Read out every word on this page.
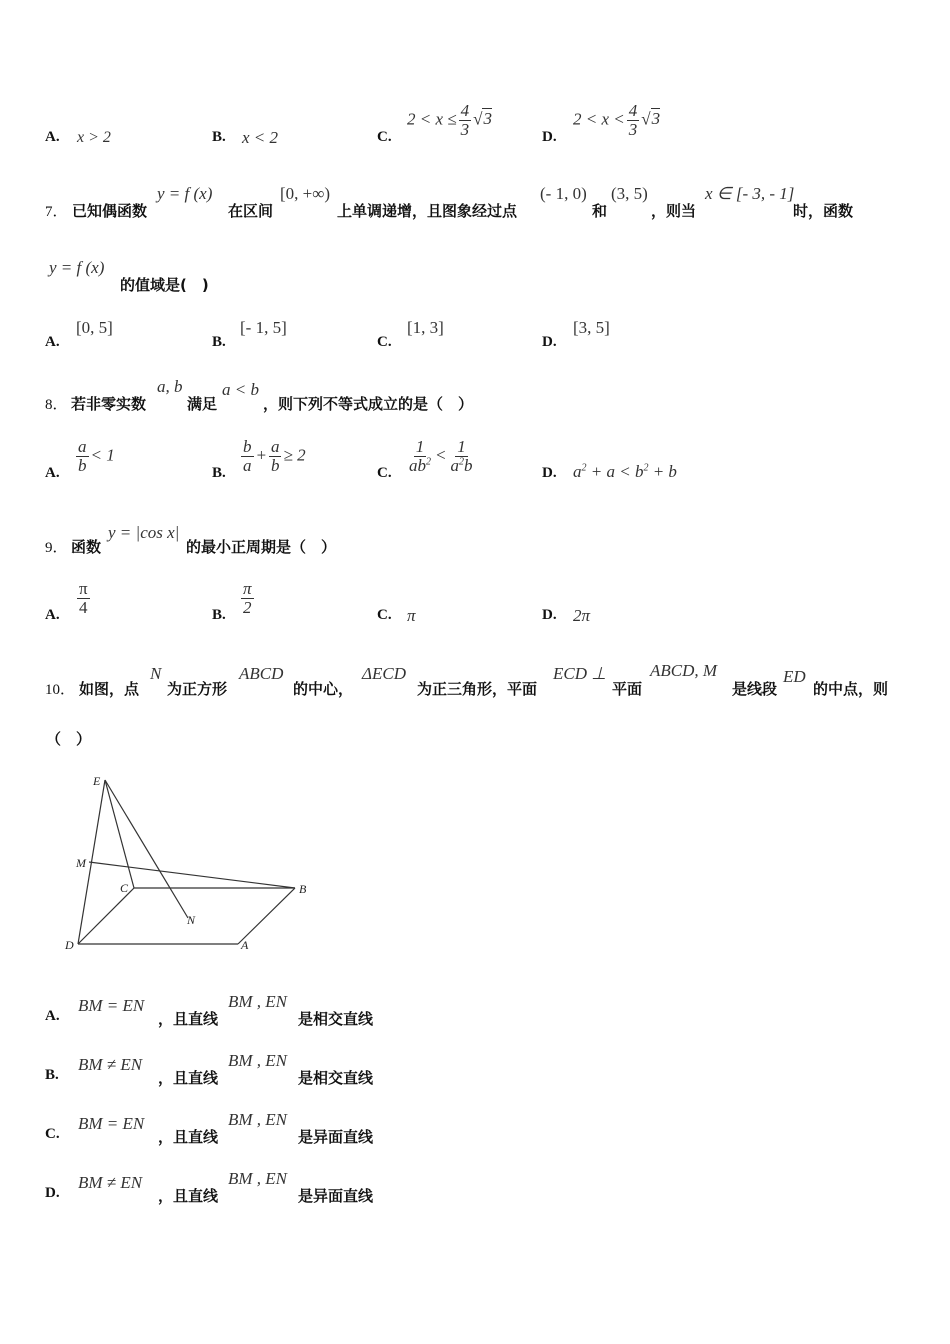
A. x > 2	B. x < 2	C.
$2 < x \le \frac{4}{3} √3$
D.
$2 < x < \frac{4}{3} √3$
7． 已知偶函数
y = f (x)
在区间
[0, +∞)
上单调递增，且图象经过点
(- 1, 0)
和
(3, 5)
，则当
x ∈ [- 3, - 1]
时，函数
y = f (x)
的值域是(　)
A.
[0, 5]
B.
[- 1, 5]
C.
[1, 3]
D.
[3, 5]
8． 若非零实数
a, b
满足
a < b
，则下列不等式成立的是（　）
A. $\frac{a}{b} < 1$
B. $\frac{b}{a} + \frac{a}{b} \ge 2$
C. $\frac{1}{ab^2} < \frac{1}{a^2b}$	D. $a^2 + a < b^2 + b$
9． 函数
y = |cos x|
的最小正周期是（　）
A. $\frac{\pi}{4}$	B. $\frac{\pi}{2}$	C. π	D. 2π
10． 如图，点
N
为正方形
ABCD
的中心，
ΔECD
为正三角形，平面
ECD ⊥
平面
ABCD, M
是线段
ED
的中点，则
（　）
E
M
C	B
N
D	A
A.
BM = EN
，且直线
BM , EN
是相交直线
B.
BM ≠ EN
，且直线
BM , EN
是相交直线
C.
BM = EN
，且直线
BM , EN
是异面直线
D.
BM ≠ EN
，且直线
BM , EN
是异面直线
